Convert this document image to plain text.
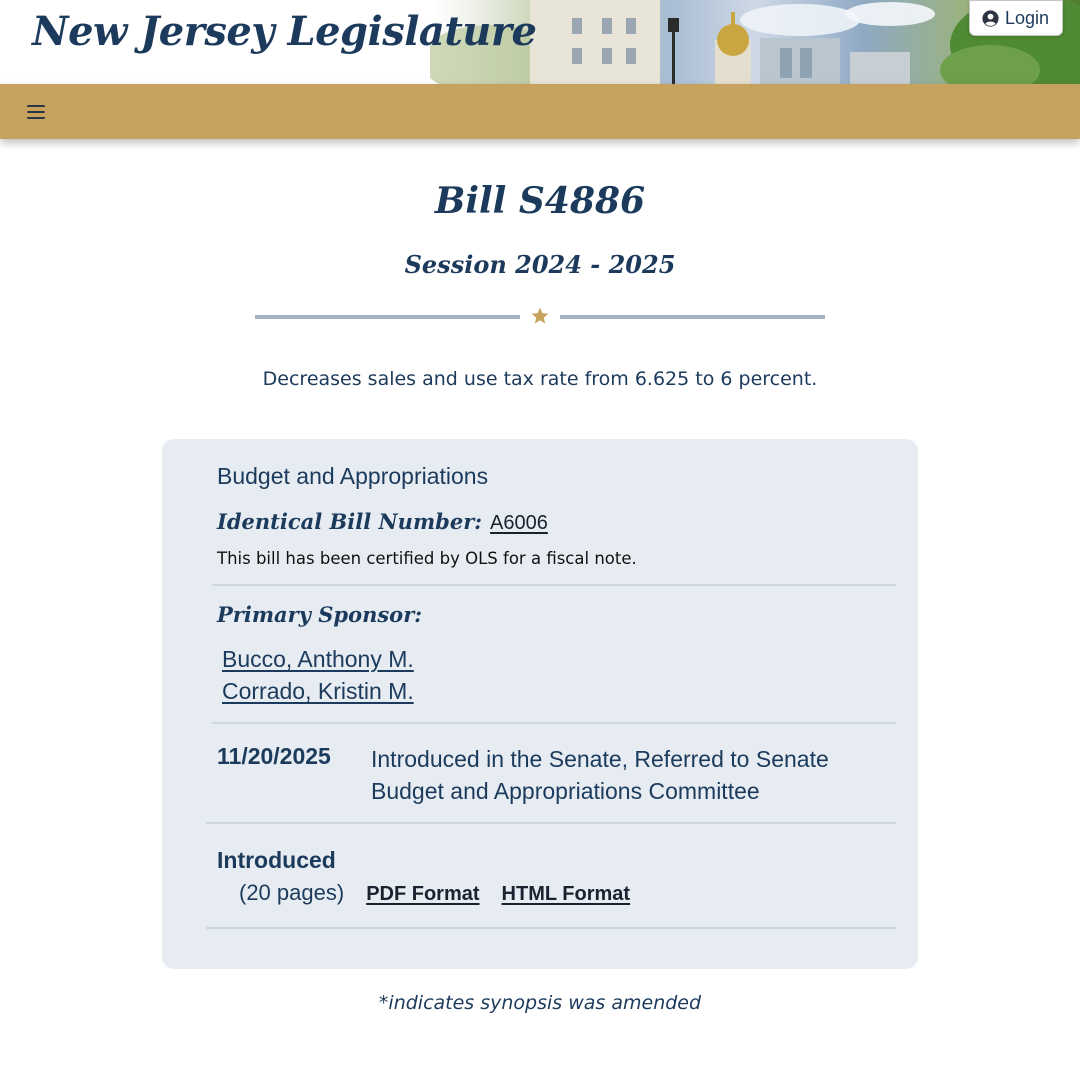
New Jersey Legislature	Login
Bill S4886
Session 2024 - 2025
Decreases sales and use tax rate from 6.625 to 6 percent.
Budget and Appropriations
Identical Bill Number: A6006
This bill has been certified by OLS for a fiscal note.
Primary Sponsor:
Bucco, Anthony M.
Corrado, Kristin M.
11/20/2025 Introduced in the Senate, Referred to Senate Budget and Appropriations Committee
Introduced
(20 pages) PDF Format HTML Format
*indicates synopsis was amended
